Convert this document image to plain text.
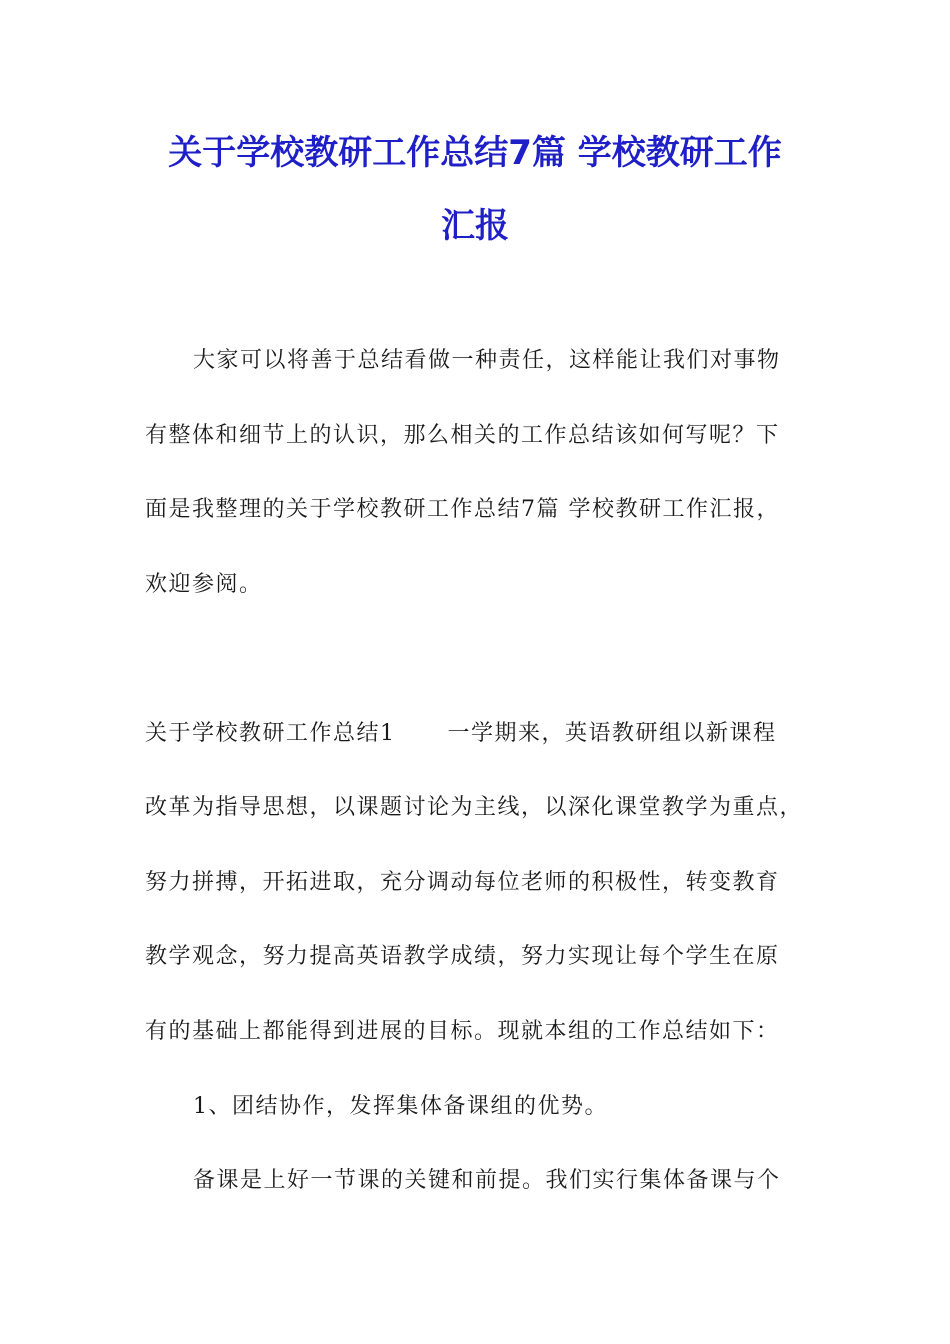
关于学校教研工作总结7篇 学校教研工作
汇报

大家可以将善于总结看做一种责任，这样能让我们对事物

有整体和细节上的认识，那么相关的工作总结该如何写呢？下

面是我整理的关于学校教研工作总结7篇 学校教研工作汇报，

欢迎参阅。

关于学校教研工作总结1 一学期来，英语教研组以新课程

改革为指导思想，以课题讨论为主线，以深化课堂教学为重点，

努力拼搏，开拓进取，充分调动每位老师的积极性，转变教育

教学观念，努力提高英语教学成绩，努力实现让每个学生在原

有的基础上都能得到进展的目标。现就本组的工作总结如下：

1、团结协作，发挥集体备课组的优势。

备课是上好一节课的关键和前提。我们实行集体备课与个
